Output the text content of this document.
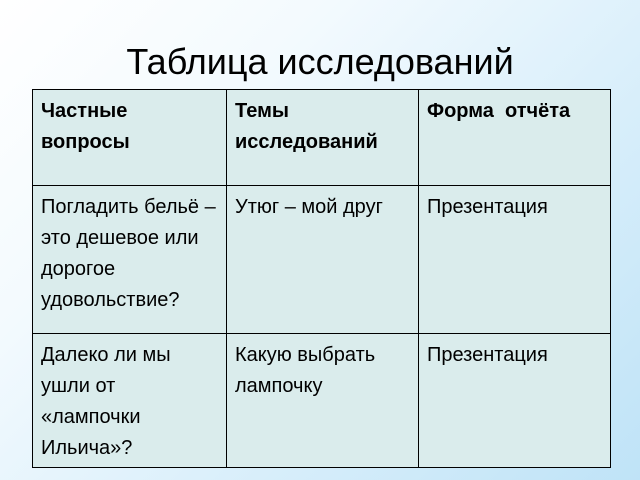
Таблица исследований
Частные вопросы	Темы исследований	Форма  отчёта
Погладить бельё –это дешевое или дорогое удовольствие?	Утюг – мой друг	Презентация
Далеко ли мы ушли от «лампочки Ильича»?	Какую выбрать лампочку	Презентация
